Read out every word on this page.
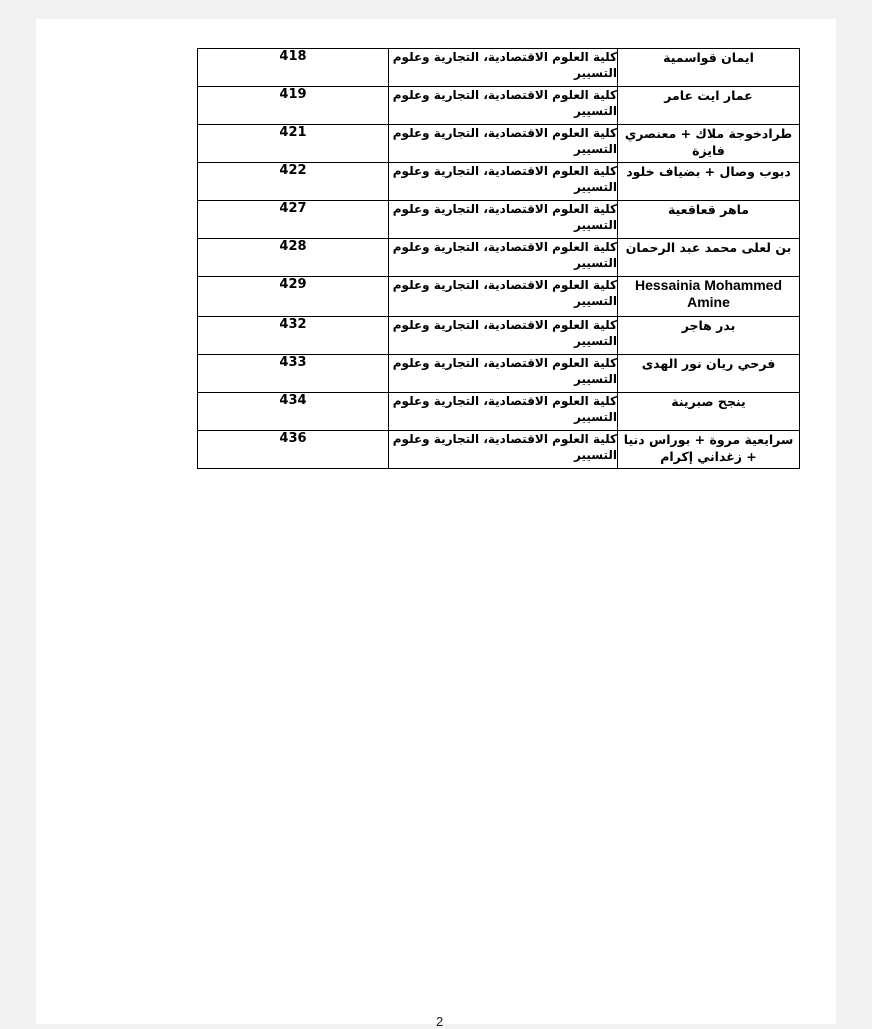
418	كلية العلوم الاقتصادية، التجارية وعلوم التسيير	ايمان قواسمية
419	كلية العلوم الاقتصادية، التجارية وعلوم التسيير	عمار ايت عامر
421	كلية العلوم الاقتصادية، التجارية وعلوم التسيير	طرادخوجة ملاك + معنصري فايزة
422	كلية العلوم الاقتصادية، التجارية وعلوم التسيير	دبوب وصال + بضياف خلود
427	كلية العلوم الاقتصادية، التجارية وعلوم التسيير	ماهر قعاقعية
428	كلية العلوم الاقتصادية، التجارية وعلوم التسيير	بن لعلى محمد عبد الرحمان
429	كلية العلوم الاقتصادية، التجارية وعلوم التسيير	Hessainia Mohammed Amine
432	كلية العلوم الاقتصادية، التجارية وعلوم التسيير	بدر هاجر
433	كلية العلوم الاقتصادية، التجارية وعلوم التسيير	فرحي ريان نور الهدى
434	كلية العلوم الاقتصادية، التجارية وعلوم التسيير	ينجح صبرينة
436	كلية العلوم الاقتصادية، التجارية وعلوم التسيير	سرايعية مروة + بوراس دنيا + زغداني إكرام
2
